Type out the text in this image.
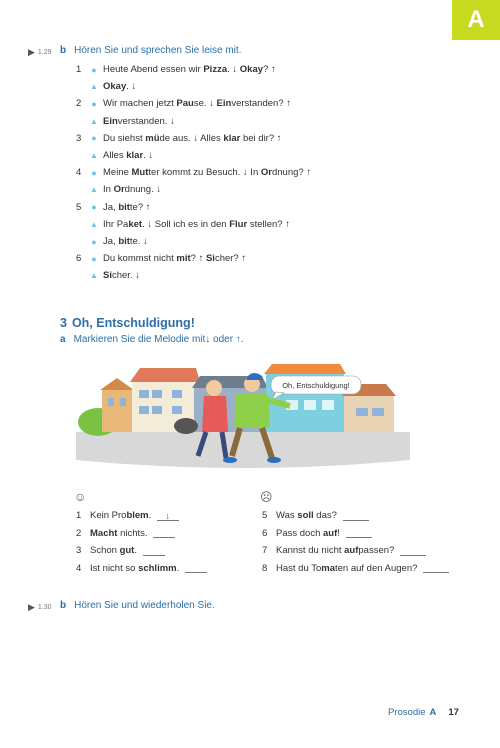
A
▶ 1.29 b Hören Sie und sprechen Sie leise mit.
1	● Heute Abend essen wir Pizza . ↓
O kay ? ↑
▲ O kay . ↓
2	● Wir machen jetzt Pau se. ↓
Ein verstanden? ↑
▲ Ein verstanden. ↓
3	● Du siehst mü de aus. ↓ Alles klar bei dir? ↑
▲ Alles klar . ↓
4	● Meine Mut ter kommt zu Besuch. ↓ In Or dnung? ↑
▲ In Or dnung. ↓
5	● Ja, bit te? ↑
▲ Ihr Pa ket . ↓ Soll ich es in den Flur stellen? ↑
● Ja, bit te. ↓
6	● Du kommst nicht mit ? ↑
Si cher? ↑
▲ Si cher. ↓
3 Oh, Entschuldigung!
a Markieren Sie die Melodie mit ↓ oder ↑ .
Oh, Entschuldigung!
☺	☹
1 Kein Pro blem .	↓
2 Macht nichts.
3 Schon gut .
4 Ist nicht so schlimm .
5 Was soll das?
6 Pass doch auf !
7 Kannst du nicht auf passen?
8 Hast du To ma ten auf den Augen?
▶ 1.30 b Hören Sie und wiederholen Sie.
Prosodie A 17
